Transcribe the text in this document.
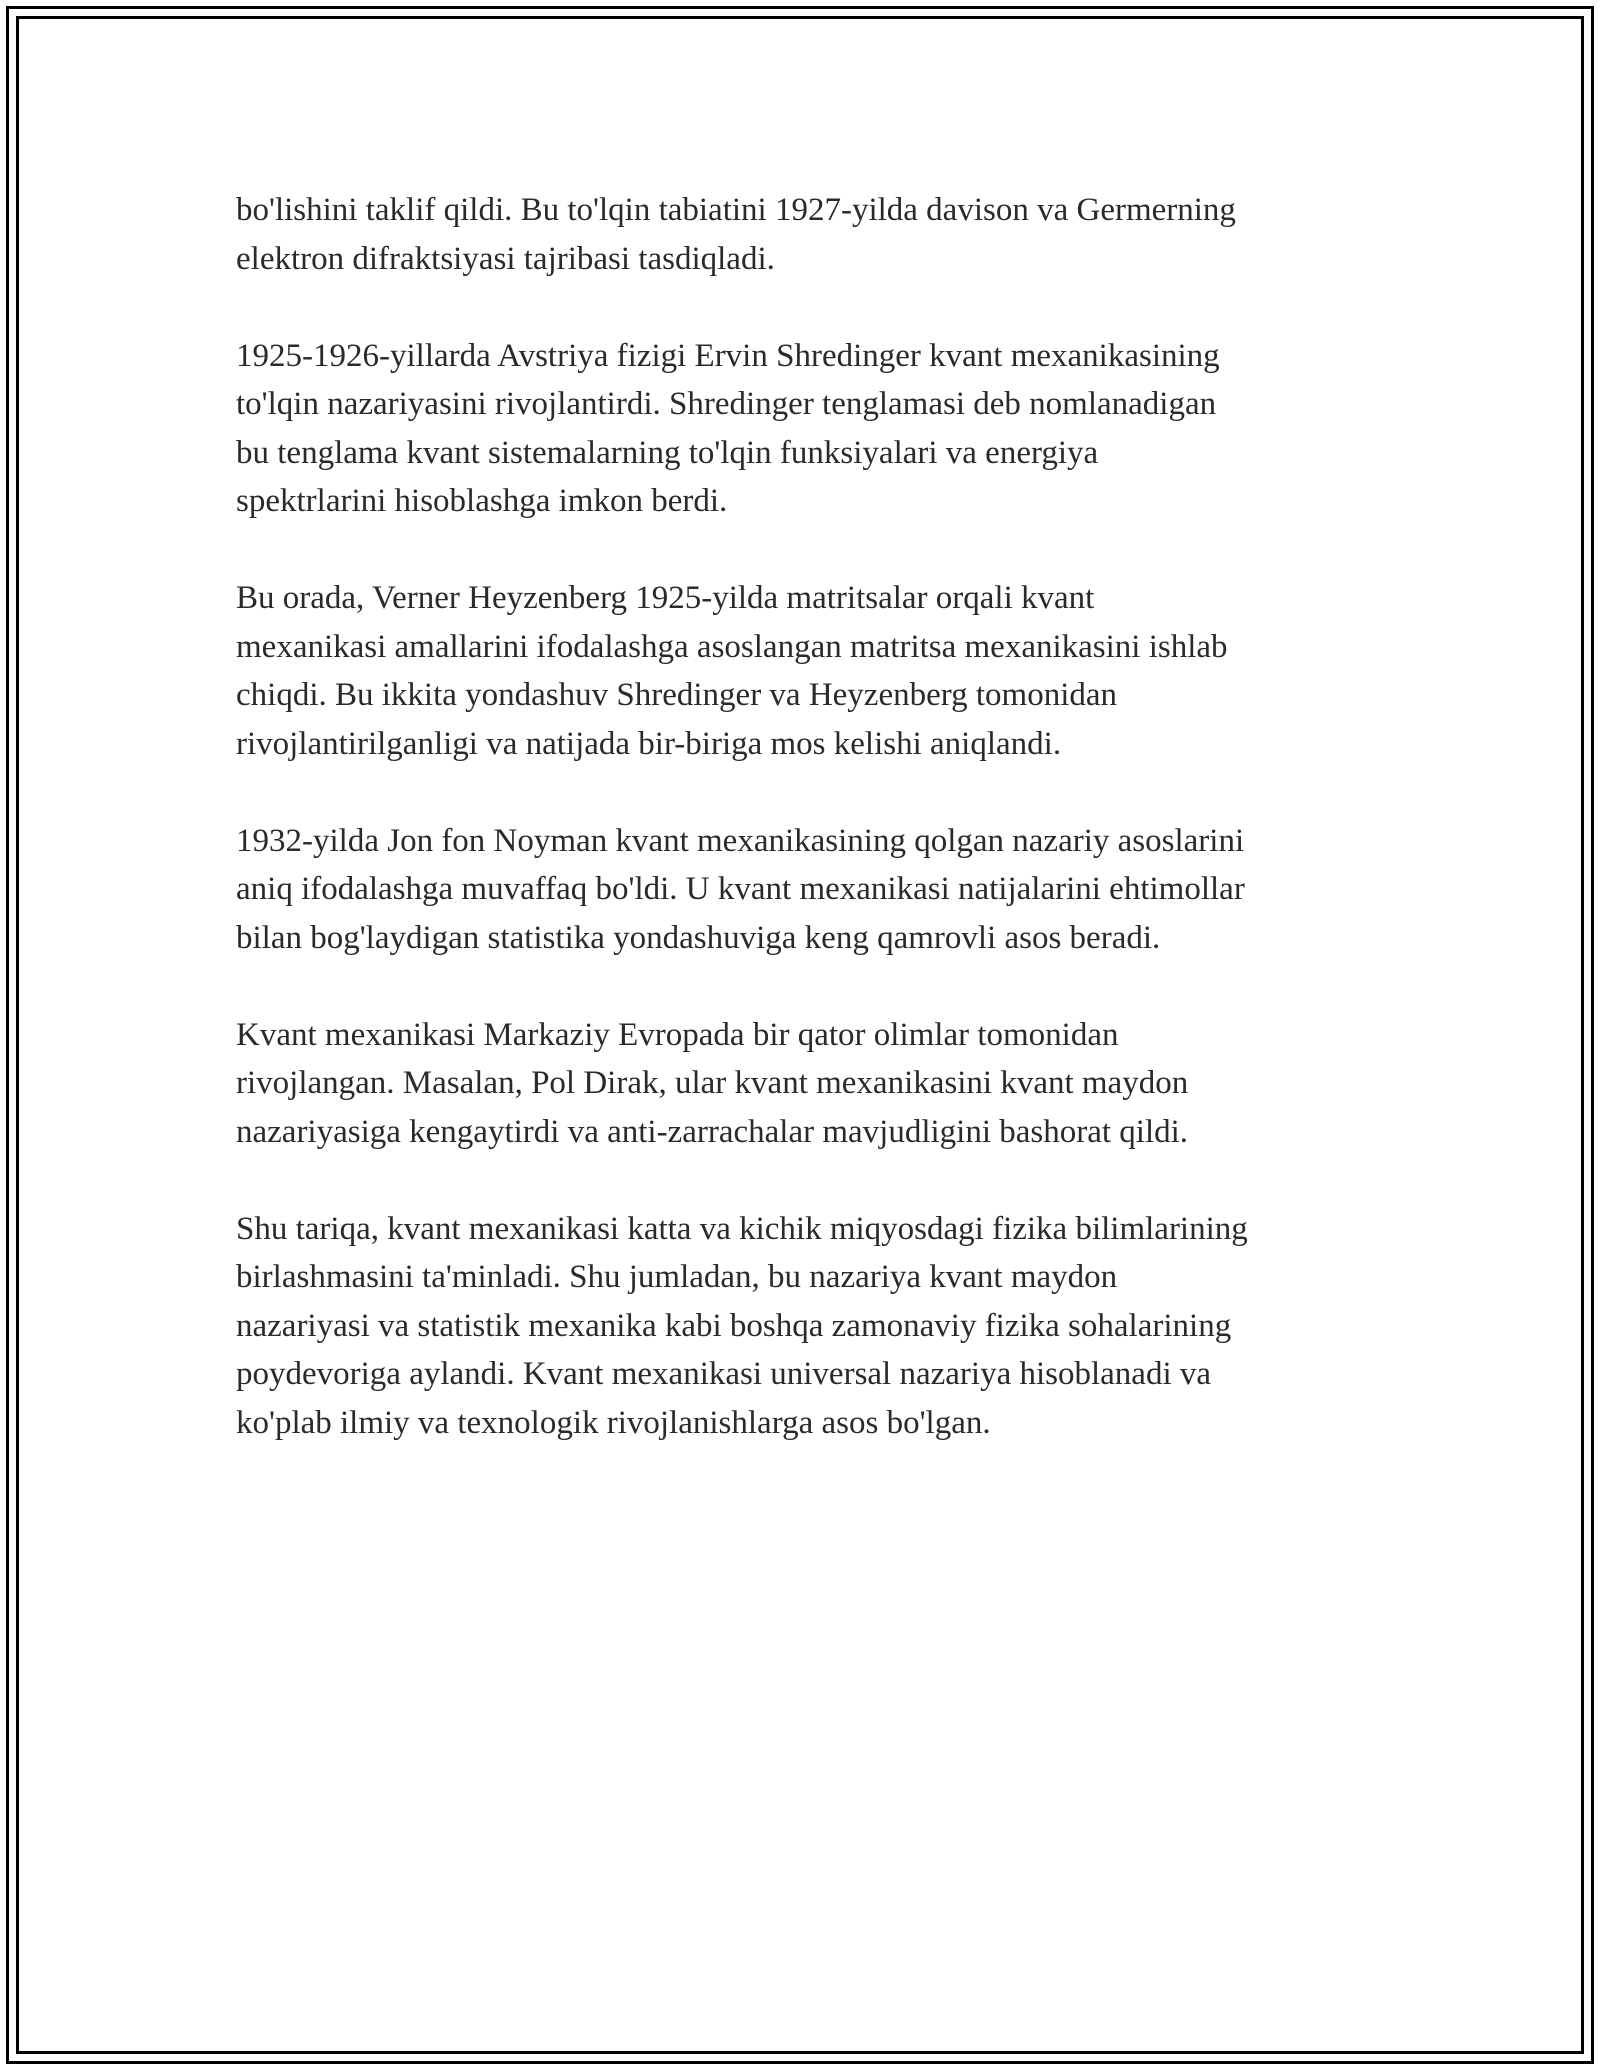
bo'lishini taklif qildi. Bu to'lqin tabiatini 1927-yilda davison va Germerning
elektron difraktsiyasi tajribasi tasdiqladi.

1925-1926-yillarda Avstriya fizigi Ervin Shredinger kvant mexanikasining
to'lqin nazariyasini rivojlantirdi. Shredinger tenglamasi deb nomlanadigan
bu tenglama kvant sistemalarning to'lqin funksiyalari va energiya
spektrlarini hisoblashga imkon berdi.

Bu orada, Verner Heyzenberg 1925-yilda matritsalar orqali kvant
mexanikasi amallarini ifodalashga asoslangan matritsa mexanikasini ishlab
chiqdi. Bu ikkita yondashuv Shredinger va Heyzenberg tomonidan
rivojlantirilganligi va natijada bir-biriga mos kelishi aniqlandi.

1932-yilda Jon fon Noyman kvant mexanikasining qolgan nazariy asoslarini
aniq ifodalashga muvaffaq bo'ldi. U kvant mexanikasi natijalarini ehtimollar
bilan bog'laydigan statistika yondashuviga keng qamrovli asos beradi.

Kvant mexanikasi Markaziy Evropada bir qator olimlar tomonidan
rivojlangan. Masalan, Pol Dirak, ular kvant mexanikasini kvant maydon
nazariyasiga kengaytirdi va anti-zarrachalar mavjudligini bashorat qildi.

Shu tariqa, kvant mexanikasi katta va kichik miqyosdagi fizika bilimlarining
birlashmasini ta'minladi. Shu jumladan, bu nazariya kvant maydon
nazariyasi va statistik mexanika kabi boshqa zamonaviy fizika sohalarining
poydevoriga aylandi. Kvant mexanikasi universal nazariya hisoblanadi va
ko'plab ilmiy va texnologik rivojlanishlarga asos bo'lgan.
